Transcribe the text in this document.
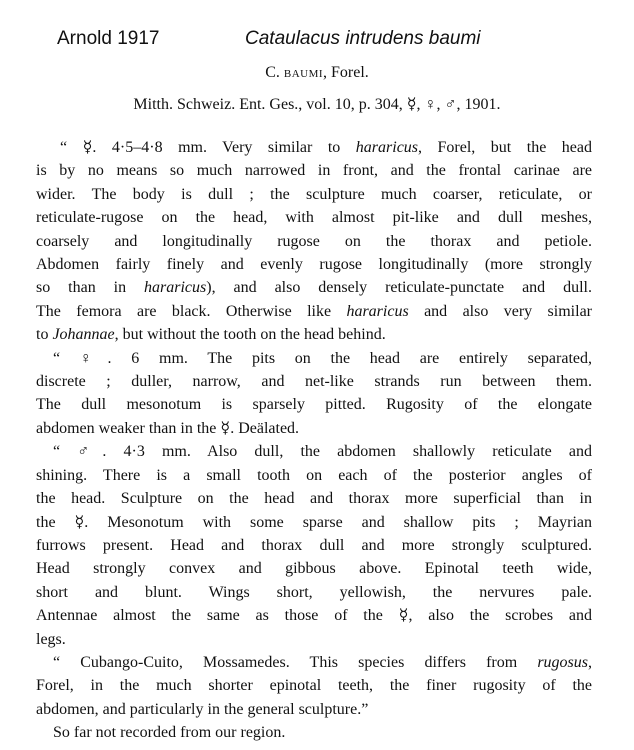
Arnold 1917	Cataulacus intrudens baumi
C. baumi, Forel.
Mitth. Schweiz. Ent. Ges., vol. 10, p. 304, ☿, ♀, ♂, 1901.

“ ☿. 4·5–4·8 mm. Very similar to hararicus, Forel, but the head

is by no means so much narrowed in front, and the frontal carinae are

wider. The body is dull ; the sculpture much coarser, reticulate, or

reticulate-rugose on the head, with almost pit-like and dull meshes,

coarsely and longitudinally rugose on the thorax and petiole.

Abdomen fairly finely and evenly rugose longitudinally (more strongly

so than in hararicus), and also densely reticulate-punctate and dull.

The femora are black. Otherwise like hararicus and also very similar

to Johannae, but without the tooth on the head behind.

“ ♀. 6 mm. The pits on the head are entirely separated,

discrete ; duller, narrow, and net-like strands run between them.

The dull mesonotum is sparsely pitted. Rugosity of the elongate

abdomen weaker than in the ☿. Deälated.

“ ♂. 4·3 mm. Also dull, the abdomen shallowly reticulate and

shining. There is a small tooth on each of the posterior angles of

the head. Sculpture on the head and thorax more superficial than in

the ☿. Mesonotum with some sparse and shallow pits ; Mayrian

furrows present. Head and thorax dull and more strongly sculptured.

Head strongly convex and gibbous above. Epinotal teeth wide,

short and blunt. Wings short, yellowish, the nervures pale.

Antennae almost the same as those of the ☿, also the scrobes and

legs.

“ Cubango-Cuito, Mossamedes. This species differs from rugosus,

Forel, in the much shorter epinotal teeth, the finer rugosity of the

abdomen, and particularly in the general sculpture.”

So far not recorded from our region.
